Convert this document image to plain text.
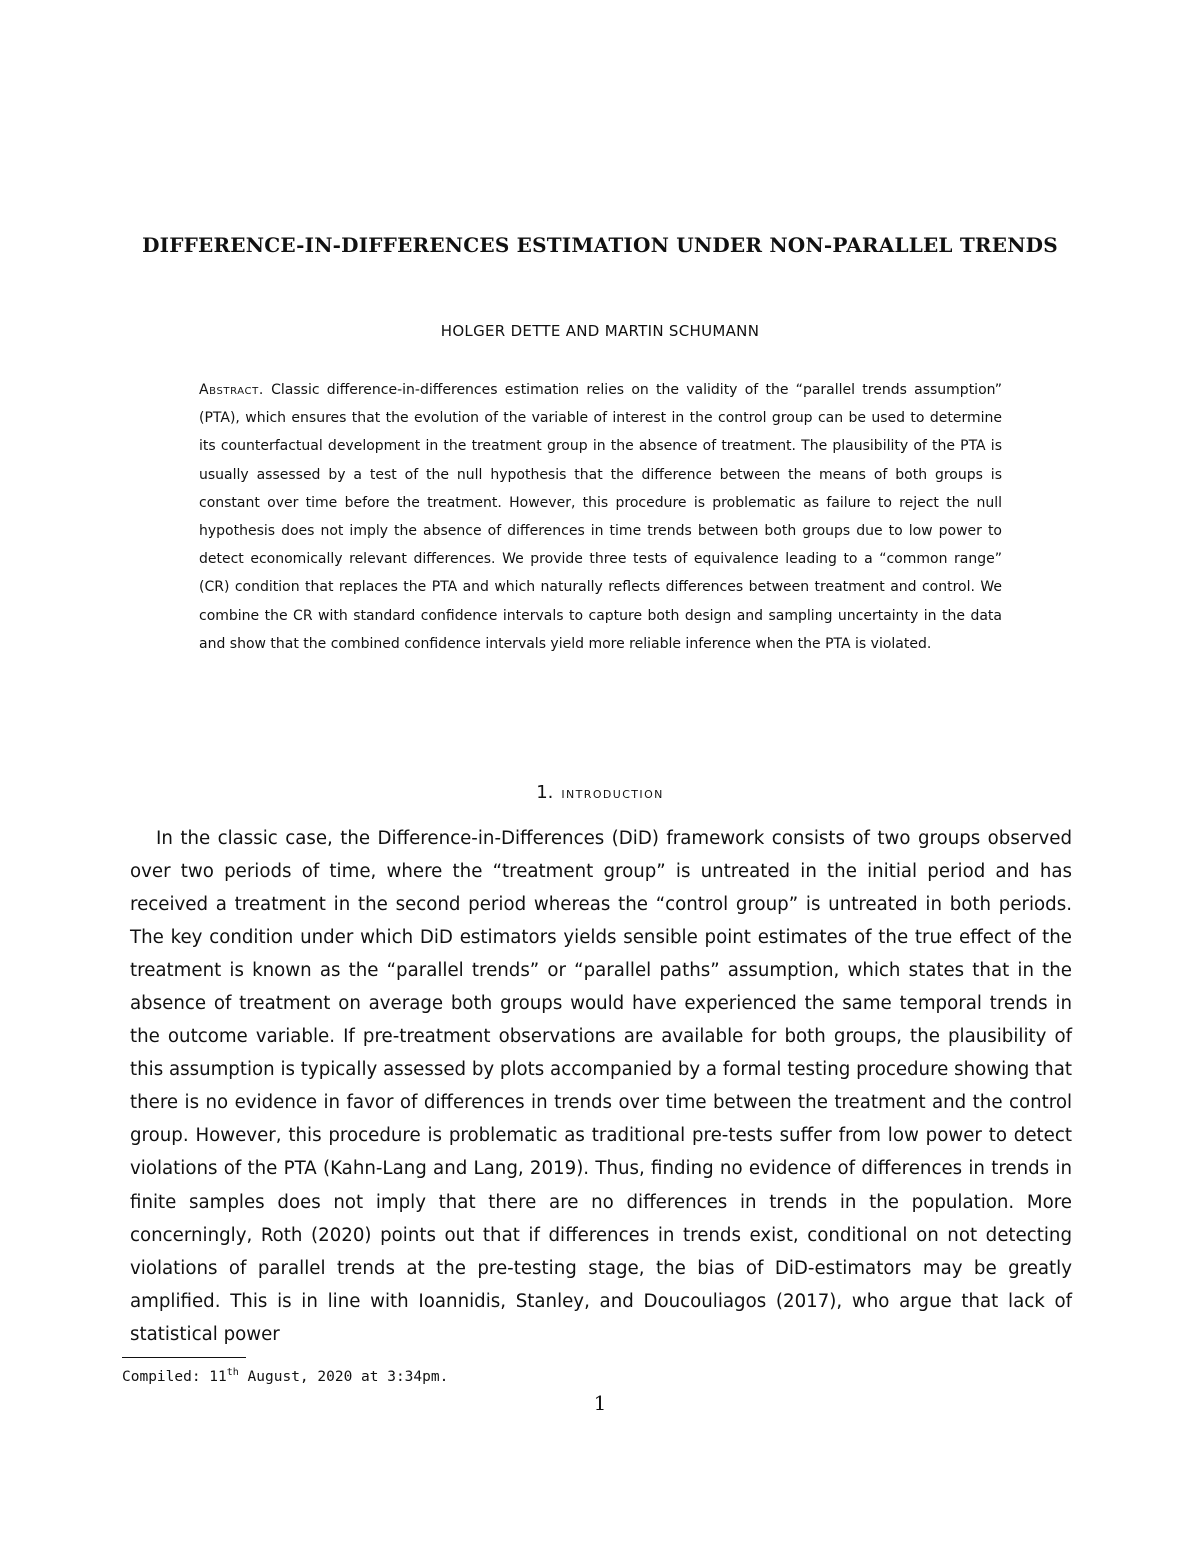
DIFFERENCE-IN-DIFFERENCES ESTIMATION UNDER NON-PARALLEL TRENDS
HOLGER DETTE AND MARTIN SCHUMANN
Abstract. Classic difference-in-differences estimation relies on the validity of the “parallel trends assumption” (PTA), which ensures that the evolution of the variable of interest in the control group can be used to determine its counterfactual development in the treatment group in the absence of treatment. The plausibility of the PTA is usually assessed by a test of the null hypothesis that the difference between the means of both groups is constant over time before the treatment. However, this procedure is problematic as failure to reject the null hypothesis does not imply the absence of differences in time trends between both groups due to low power to detect economically relevant differences. We provide three tests of equivalence leading to a “common range” (CR) condition that replaces the PTA and which naturally reflects differences between treatment and control. We combine the CR with standard confidence intervals to capture both design and sampling uncertainty in the data and show that the combined confidence intervals yield more reliable inference when the PTA is violated.
1. introduction
In the classic case, the Difference-in-Differences (DiD) framework consists of two groups observed over two periods of time, where the “treatment group” is untreated in the initial period and has received a treatment in the second period whereas the “control group” is untreated in both periods. The key condition under which DiD estimators yields sensible point estimates of the true effect of the treatment is known as the “parallel trends” or “parallel paths” assumption, which states that in the absence of treatment on average both groups would have experienced the same temporal trends in the outcome variable. If pre-treatment observations are available for both groups, the plausibility of this assumption is typically assessed by plots accompanied by a formal testing procedure showing that there is no evidence in favor of differences in trends over time between the treatment and the control group. However, this procedure is problematic as traditional pre-tests suffer from low power to detect violations of the PTA (Kahn-Lang and Lang, 2019). Thus, finding no evidence of differences in trends in finite samples does not imply that there are no differences in trends in the population. More concerningly, Roth (2020) points out that if differences in trends exist, conditional on not detecting violations of parallel trends at the pre-testing stage, the bias of DiD-estimators may be greatly amplified. This is in line with Ioannidis, Stanley, and Doucouliagos (2017), who argue that lack of statistical power
Compiled: 11th August, 2020 at 3:34pm.
1
